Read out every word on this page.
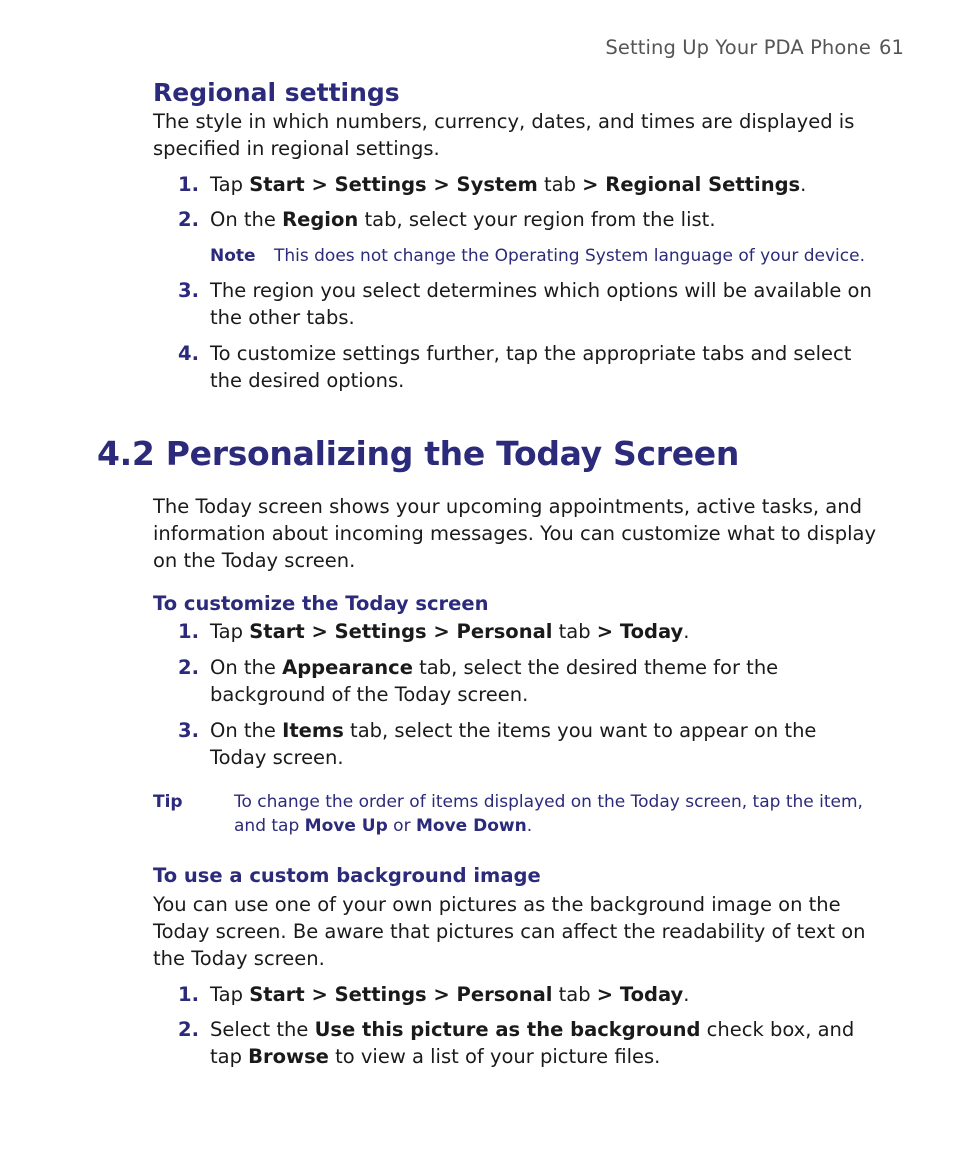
Setting Up Your PDA Phone 61
Regional settings

The style in which numbers, currency, dates, and times are displayed is specified in regional settings.

1. Tap Start > Settings > System tab > Regional Settings.
2. On the Region tab, select your region from the list.
Note This does not change the Operating System language of your device.
3. The region you select determines which options will be available on the other tabs.
4. To customize settings further, tap the appropriate tabs and select the desired options.
4.2 Personalizing the Today Screen

The Today screen shows your upcoming appointments, active tasks, and information about incoming messages. You can customize what to display on the Today screen.

To customize the Today screen
1. Tap Start > Settings > Personal tab > Today.
2. On the Appearance tab, select the desired theme for the background of the Today screen.
3. On the Items tab, select the items you want to appear on the Today screen.
Tip	To change the order of items displayed on the Today screen, tap the item, and tap Move Up or Move Down.
To use a custom background image

You can use one of your own pictures as the background image on the Today screen. Be aware that pictures can affect the readability of text on the Today screen.

1. Tap Start > Settings > Personal tab > Today.
2. Select the Use this picture as the background check box, and tap Browse to view a list of your picture files.
